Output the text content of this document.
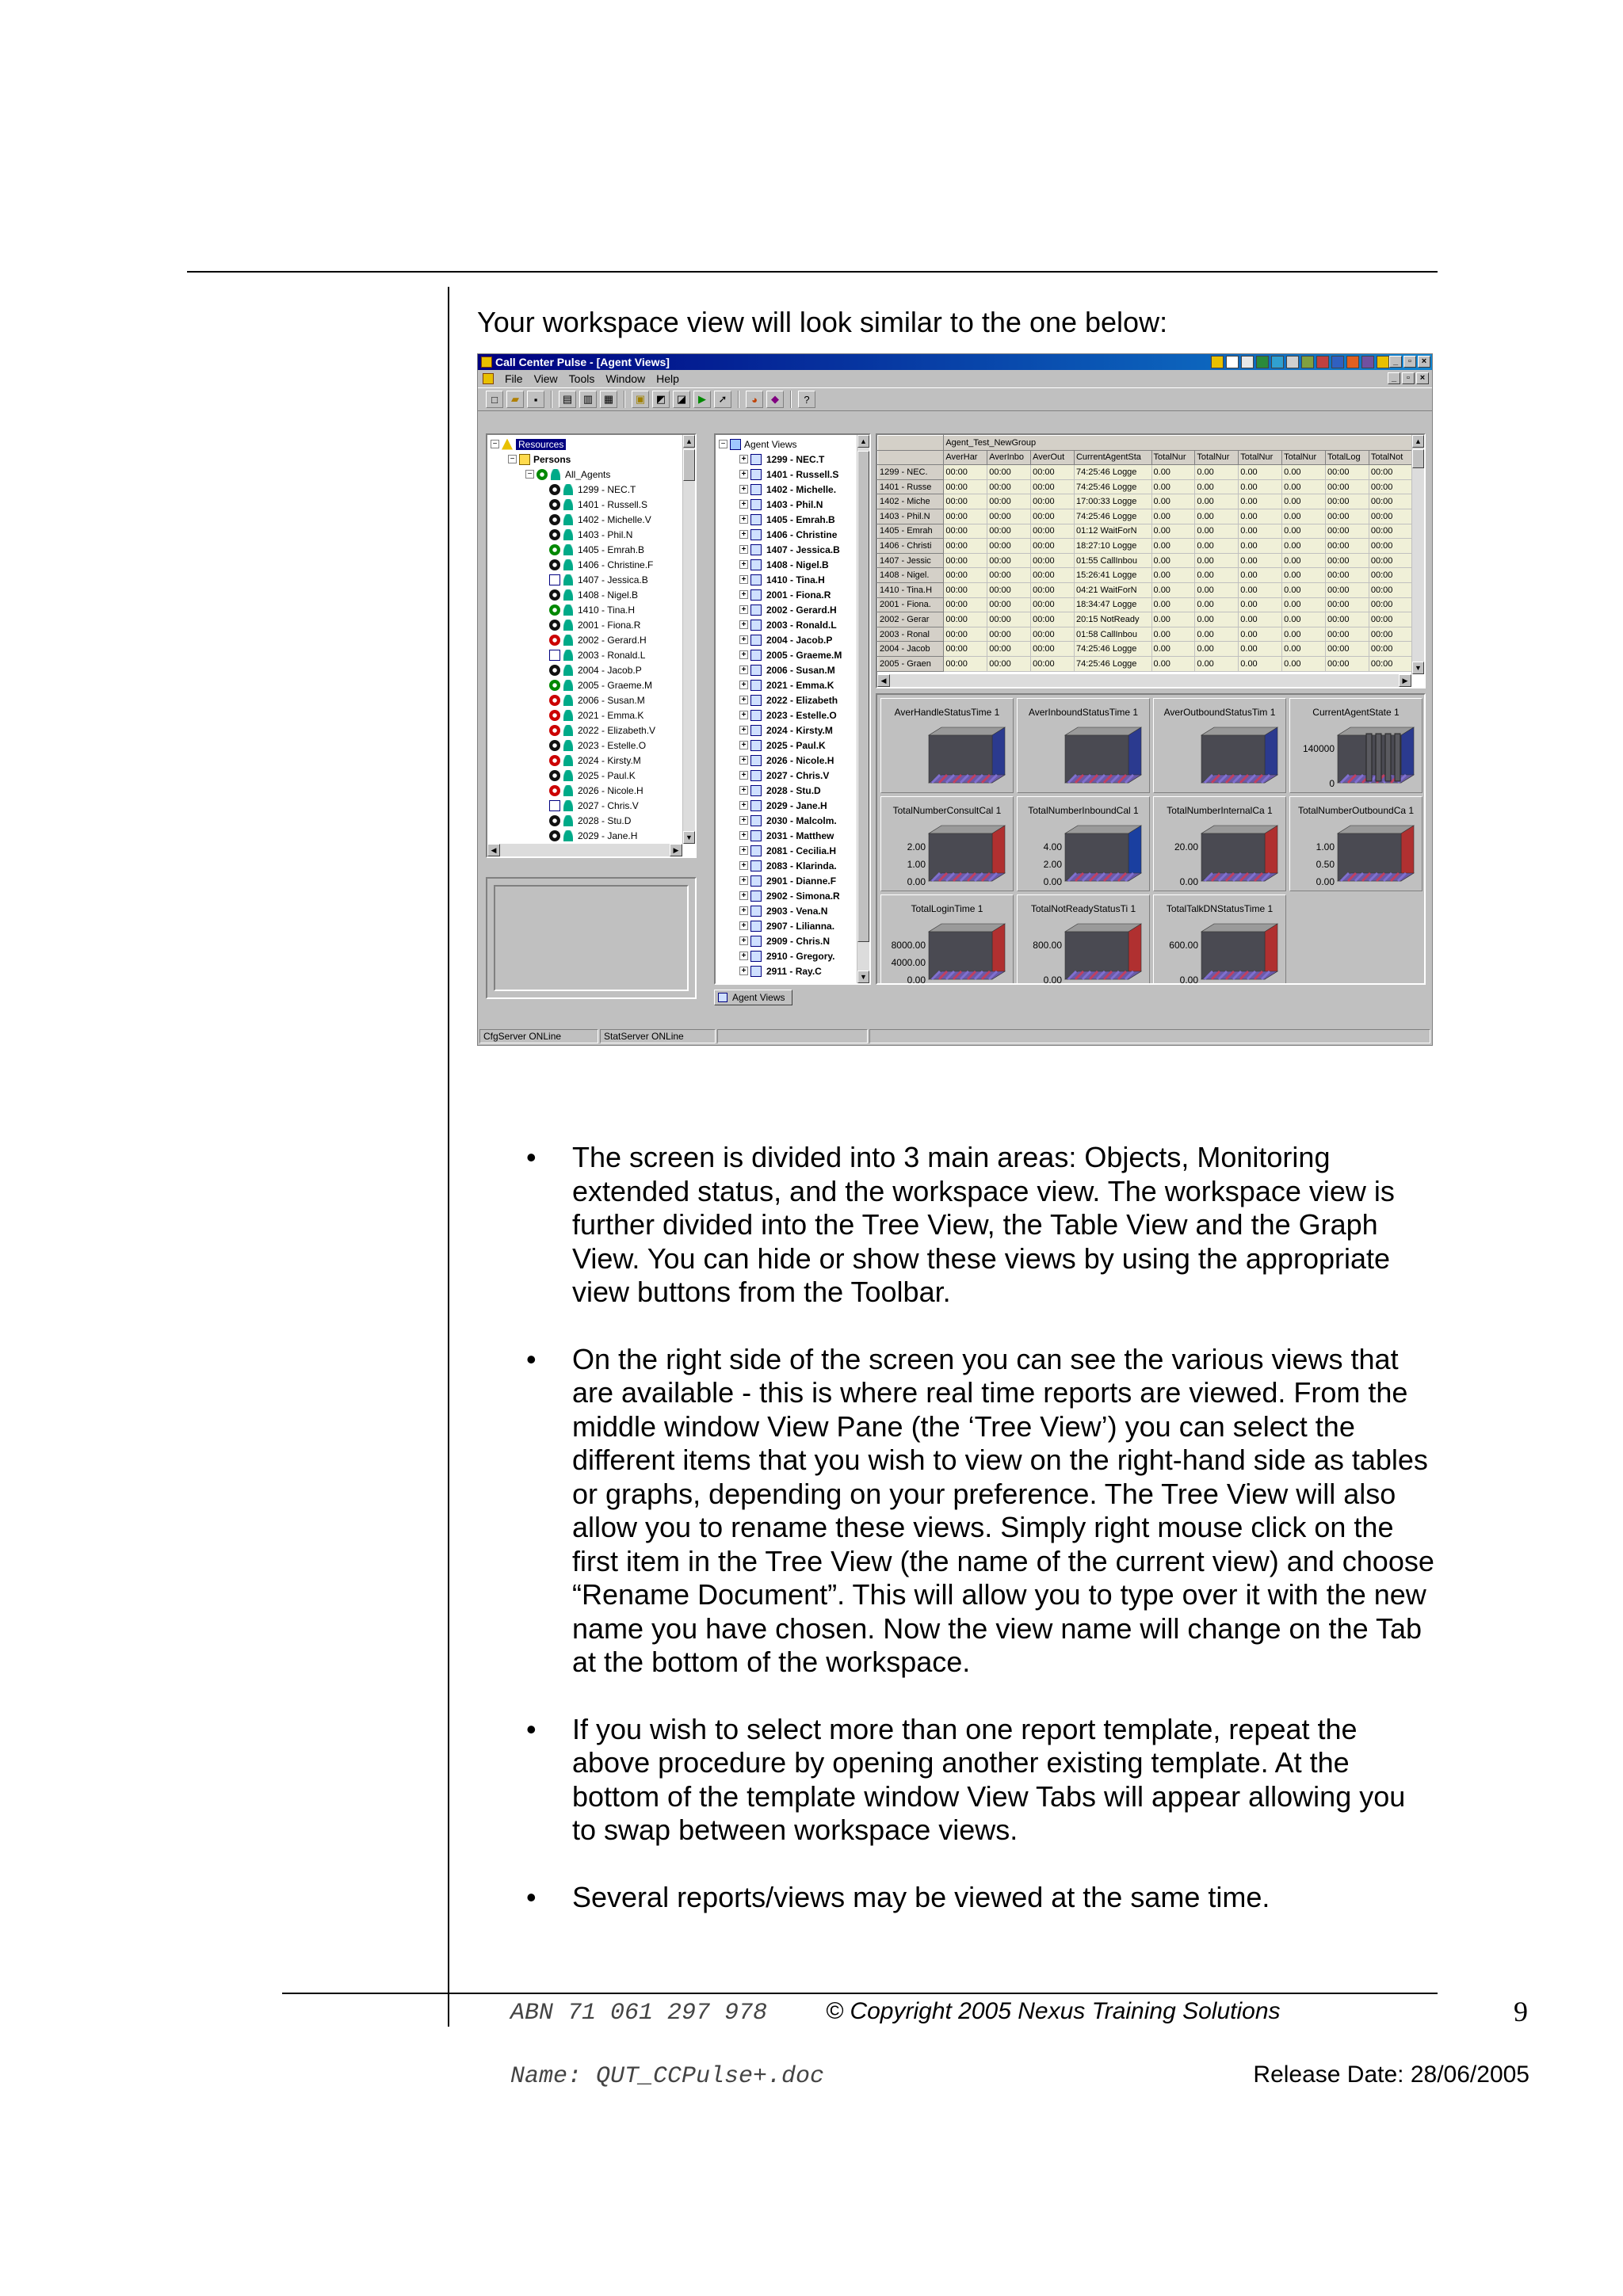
Your workspace view will look similar to the one below:
Call Center Pulse - [Agent Views]	_	▫	×
File View Tools Window Help	_	▫	×
□	▰	▪	▤	▥	▦	▣	◩	◪	▶	➚	◕	◆	?
− Resources
− Persons
−	All_Agents
1299 - NEC.T
1401 - Russell.S
1402 - Michelle.V
1403 - Phil.N
1405 - Emrah.B
1406 - Christine.F
1407 - Jessica.B
1408 - Nigel.B
1410 - Tina.H
2001 - Fiona.R
2002 - Gerard.H
2003 - Ronald.L
2004 - Jacob.P
2005 - Graeme.M
2006 - Susan.M
2021 - Emma.K
2022 - Elizabeth.V
2023 - Estelle.O
2024 - Kirsty.M
2025 - Paul.K
2026 - Nicole.H
2027 - Chris.V
2028 - Stu.D
2029 - Jane.H
▲
▼
◀	▶
− Agent Views
+ 1299 - NEC.T
+ 1401 - Russell.S
+ 1402 - Michelle.
+ 1403 - Phil.N
+ 1405 - Emrah.B
+ 1406 - Christine
+ 1407 - Jessica.B
+ 1408 - Nigel.B
+ 1410 - Tina.H
+ 2001 - Fiona.R
+ 2002 - Gerard.H
+ 2003 - Ronald.L
+ 2004 - Jacob.P
+ 2005 - Graeme.M
+ 2006 - Susan.M
+ 2021 - Emma.K
+ 2022 - Elizabeth
+ 2023 - Estelle.O
+ 2024 - Kirsty.M
+ 2025 - Paul.K
+ 2026 - Nicole.H
+ 2027 - Chris.V
+ 2028 - Stu.D
+ 2029 - Jane.H
+ 2030 - Malcolm.
+ 2031 - Matthew
+ 2081 - Cecilia.H
+ 2083 - Klarinda.
+ 2901 - Dianne.F
+ 2902 - Simona.R
+ 2903 - Vena.N
+ 2907 - Lilianna.
+ 2909 - Chris.N
+ 2910 - Gregory.
+ 2911 - Ray.C
▲
▼
	Agent_Test_NewGroup									
	AverHar	AverInbo	AverOut	CurrentAgentSta	TotalNur	TotalNur	TotalNur	TotalNur	TotalLog	TotalNot
1299 - NEC.	00:00	00:00	00:00	74:25:46 Logge	0.00	0.00	0.00	0.00	00:00	00:00
1401 - Russe	00:00	00:00	00:00	74:25:46 Logge	0.00	0.00	0.00	0.00	00:00	00:00
1402 - Miche	00:00	00:00	00:00	17:00:33 Logge	0.00	0.00	0.00	0.00	00:00	00:00
1403 - Phil.N	00:00	00:00	00:00	74:25:46 Logge	0.00	0.00	0.00	0.00	00:00	00:00
1405 - Emrah	00:00	00:00	00:00	01:12 WaitForN	0.00	0.00	0.00	0.00	00:00	00:00
1406 - Christi	00:00	00:00	00:00	18:27:10 Logge	0.00	0.00	0.00	0.00	00:00	00:00
1407 - Jessic	00:00	00:00	00:00	01:55 CallInbou	0.00	0.00	0.00	0.00	00:00	00:00
1408 - Nigel.	00:00	00:00	00:00	15:26:41 Logge	0.00	0.00	0.00	0.00	00:00	00:00
1410 - Tina.H	00:00	00:00	00:00	04:21 WaitForN	0.00	0.00	0.00	0.00	00:00	00:00
2001 - Fiona.	00:00	00:00	00:00	18:34:47 Logge	0.00	0.00	0.00	0.00	00:00	00:00
2002 - Gerar	00:00	00:00	00:00	20:15 NotReady	0.00	0.00	0.00	0.00	00:00	00:00
2003 - Ronal	00:00	00:00	00:00	01:58 CallInbou	0.00	0.00	0.00	0.00	00:00	00:00
2004 - Jacob	00:00	00:00	00:00	74:25:46 Logge	0.00	0.00	0.00	0.00	00:00	00:00
2005 - Graen	00:00	00:00	00:00	74:25:46 Logge	0.00	0.00	0.00	0.00	00:00	00:00
▲
▼
◀	▶
AverHandleStatusTime 1	AverInboundStatusTime 1	AverOutboundStatusTim 1	CurrentAgentState 1
140000
0
TotalNumberConsultCal 1
2.00
1.00
0.00
TotalNumberInboundCal 1
4.00
2.00
0.00
TotalNumberInternalCa 1
20.00
0.00
TotalNumberOutboundCa 1
1.00
0.50
0.00
TotalLoginTime 1
8000.00
4000.00
0.00
TotalNotReadyStatusTi 1
800.00
0.00
TotalTalkDNStatusTime 1
600.00
0.00
Agent Views
CfgServer ONLine	StatServer ONLine
• The screen is divided into 3 main areas: Objects, Monitoring extended status, and the workspace view. The workspace view is further divided into the Tree View, the Table View and the Graph View. You can hide or show these views by using the appropriate view buttons from the Toolbar.
• On the right side of the screen you can see the various views that are available - this is where real time reports are viewed. From the middle window View Pane (the ‘Tree View’) you can select the different items that you wish to view on the right-hand side as tables or graphs, depending on your preference. The Tree View will also allow you to rename these views. Simply right mouse click on the first item in the Tree View (the name of the current view) and choose “Rename Document”. This will allow you to type over it with the new name you have chosen. Now the view name will change on the Tab at the bottom of the workspace.
• If you wish to select more than one report template, repeat the above procedure by opening another existing template. At the bottom of the template window View Tabs will appear allowing you to swap between workspace views.
• Several reports/views may be viewed at the same time.
ABN 71 061 297 978 © Copyright 2005 Nexus Training Solutions	9
Name: QUT_CCPulse+.doc	Release Date: 28/06/2005
